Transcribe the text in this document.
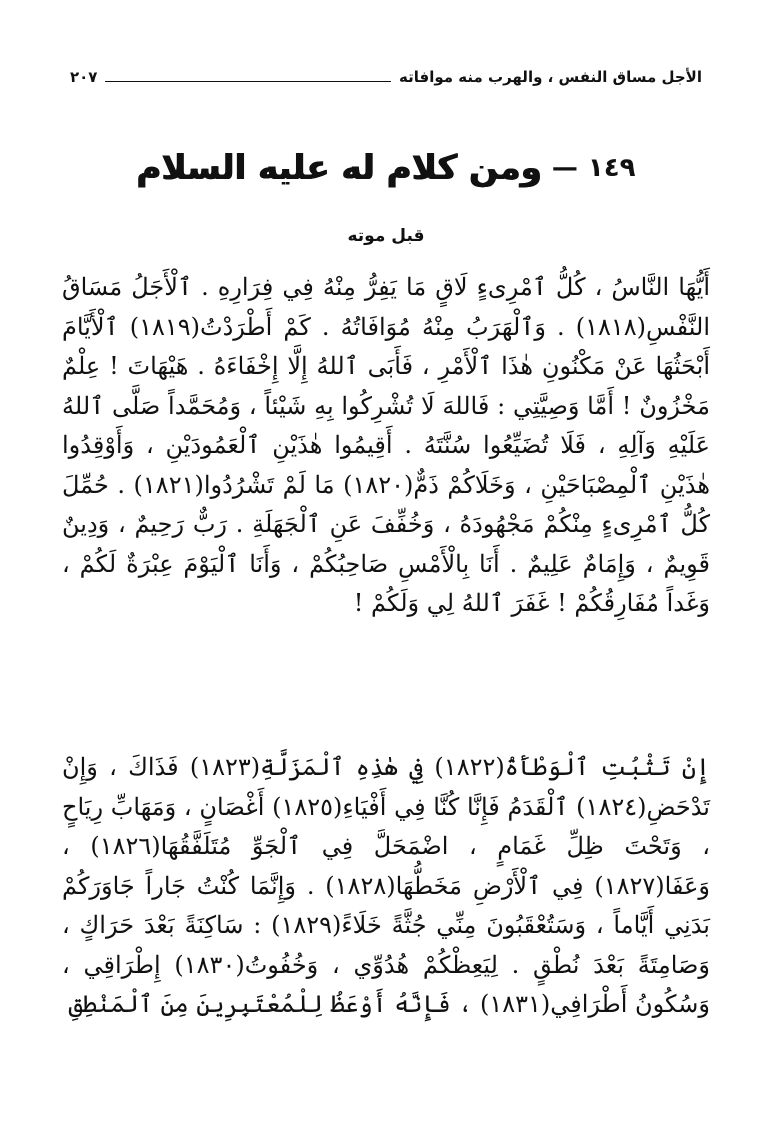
الأجل مساق النفس ، والهرب منه موافاته
٢٠٧
١٤٩
—
ومن كلام له عليه السلام
قبل موته

أَيُّهَا النَّاسُ ، كُلُّ ٱمْرِىءٍ لَاقٍ مَا يَفِرُّ مِنْهُ فِي فِرَارِهِ . ٱلْأَجَلُ مَسَاقُ النَّفْسِ(١٨١٨) . وَٱلْهَرَبُ مِنْهُ مُوَافَاتُهُ . كَمْ أَطْرَدْتُ(١٨١٩) ٱلْأَيَّامَ أَبْحَثُهَا عَنْ مَكْنُونِ هٰذَا ٱلْأَمْرِ ، فَأَبَى ٱللهُ إِلَّا إِخْفَاءَهُ . هَيْهَاتَ ! عِلْمٌ مَخْزُونٌ ! أَمَّا وَصِيَّتِي : فَاللهَ لَا تُشْرِكُوا بِهِ شَيْئاً ، وَمُحَمَّداً صَلَّى ٱللهُ عَلَيْهِ وَآلِهِ ، فَلَا تُضَيِّعُوا سُنَّتَهُ . أَقِيمُوا هٰذَيْنِ ٱلْعَمُودَيْنِ ، وَأَوْقِدُوا هٰذَيْنِ ٱلْمِصْبَاحَيْنِ ، وَخَلَاكُمْ ذَمٌّ(١٨٢٠) مَا لَمْ تَشْرُدُوا(١٨٢١) . حُمِّلَ كُلُّ ٱمْرِىءٍ مِنْكُمْ مَجْهُودَهُ ، وَخُفِّفَ عَنِ ٱلْجَهَلَةِ . رَبٌّ رَحِيمٌ ، وَدِينٌ قَوِيمٌ ، وَإِمَامٌ عَلِيمٌ . أَنَا بِالْأَمْسِ صَاحِبُكُمْ ، وَأَنَا ٱلْيَوْمَ عِبْرَةٌ لَكُمْ ، وَغَداً مُفَارِقُكُمْ ! غَفَرَ ٱللهُ لِي وَلَكُمْ !

إِنْ تَثْبُتِ ٱلْوَطْأَةُ(١٨٢٢) فِي هٰذِهِ ٱلْمَزَلَّةِ(١٨٢٣) فَذَاكَ ، وَإِنْ تَدْحَضِ(١٨٢٤) ٱلْقَدَمُ فَإِنَّا كُنَّا فِي أَفْيَاءِ(١٨٢٥) أَغْصَانٍ ، وَمَهَابِّ رِيَاحٍ ، وَتَحْتَ ظِلِّ غَمَامٍ ، اضْمَحَلَّ فِي ٱلْجَوِّ مُتَلَفَّقُهَا(١٨٢٦) ، وَعَفَا(١٨٢٧) فِي ٱلْأَرْضِ مَخَطُّهَا(١٨٢٨) . وَإِنَّمَا كُنْتُ جَاراً جَاوَرَكُمْ بَدَنِي أَيَّاماً ، وَسَتُعْقَبُونَ مِنِّي جُثَّةً خَلَاءً(١٨٢٩) : سَاكِنَةً بَعْدَ حَرَاكٍ ، وَصَامِتَةً بَعْدَ نُطْقٍ . لِيَعِظْكُمْ هُدُوِّي ، وَخُفُوتُ(١٨٣٠) إِطْرَاقِي ، وَسُكُونُ أَطْرَافِي(١٨٣١) ، فَإِنَّهُ أَوْعَظُ لِلْمُعْتَبِرِينَ مِنَ ٱلْمَنْطِقِ
